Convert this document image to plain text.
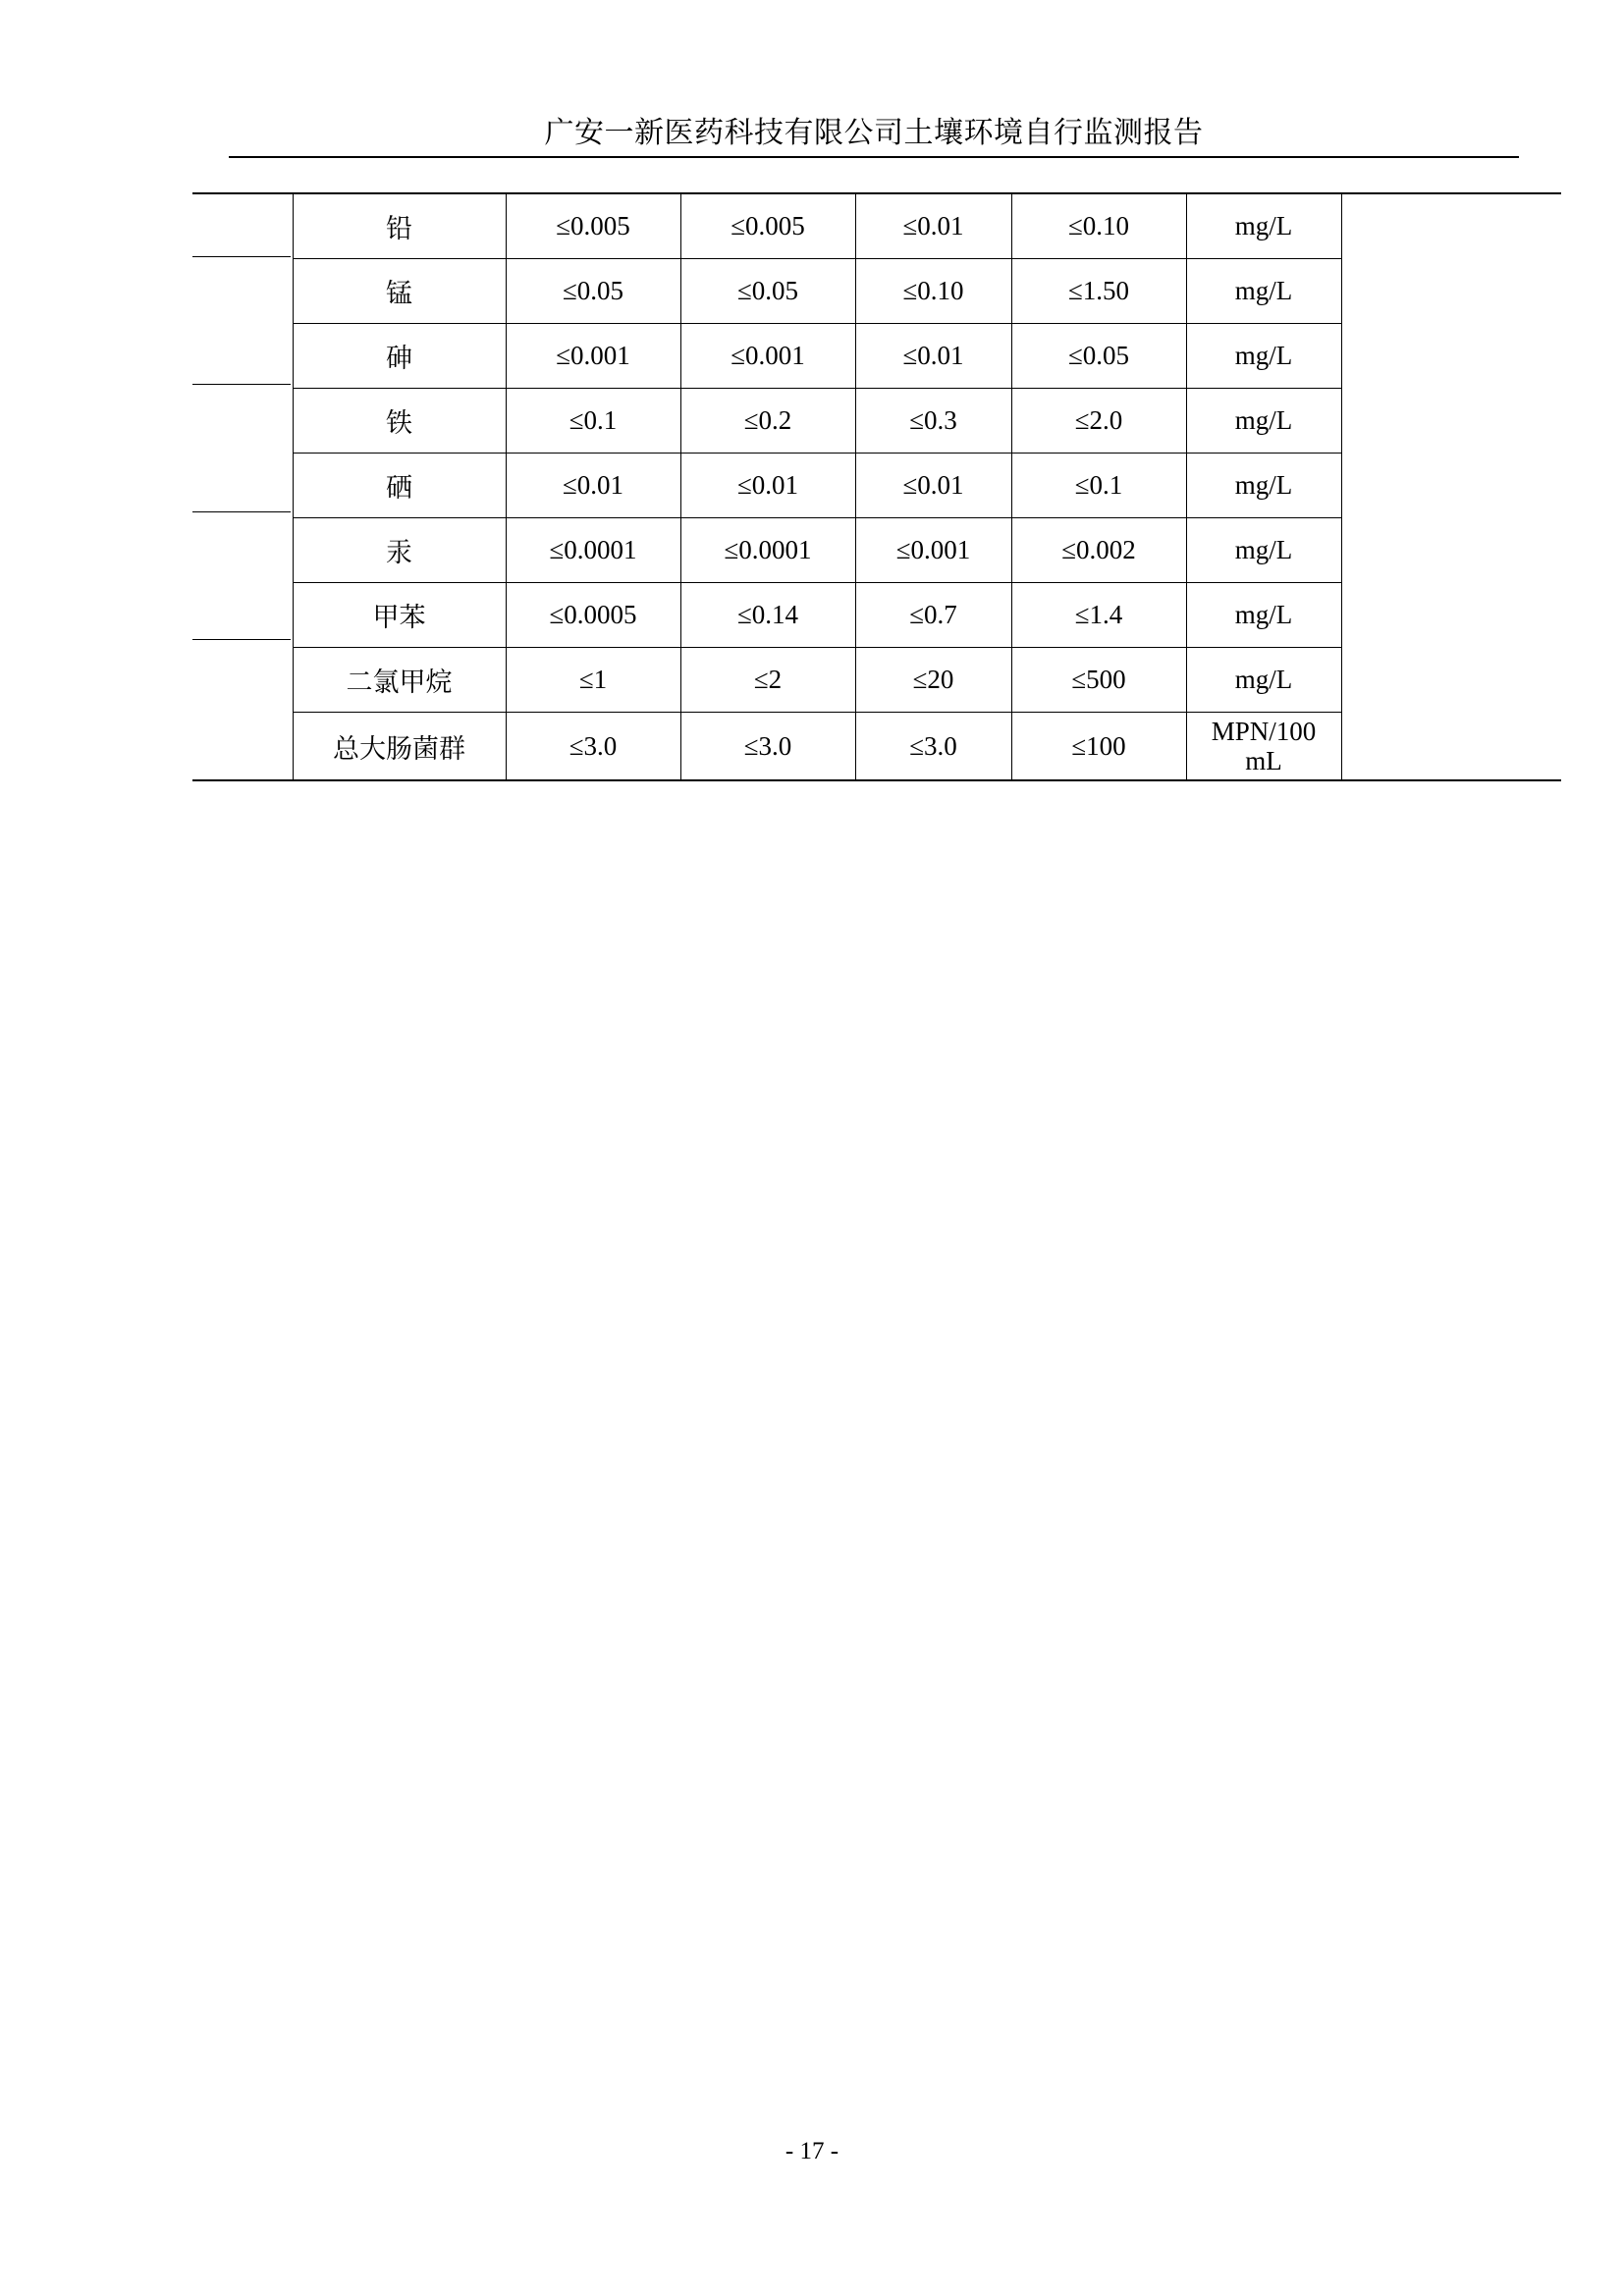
广安一新医药科技有限公司土壤环境自行监测报告
	铅	≤0.005	≤0.005	≤0.01	≤0.10	mg/L	
	锰	≤0.05	≤0.05	≤0.10	≤1.50	mg/L	
	砷	≤0.001	≤0.001	≤0.01	≤0.05	mg/L	
	铁	≤0.1	≤0.2	≤0.3	≤2.0	mg/L	
	硒	≤0.01	≤0.01	≤0.01	≤0.1	mg/L	
	汞	≤0.0001	≤0.0001	≤0.001	≤0.002	mg/L	
	甲苯	≤0.0005	≤0.14	≤0.7	≤1.4	mg/L	
	二氯甲烷	≤1	≤2	≤20	≤500	mg/L	
	总大肠菌群	≤3.0	≤3.0	≤3.0	≤100	MPN/100
mL	
- 17 -
